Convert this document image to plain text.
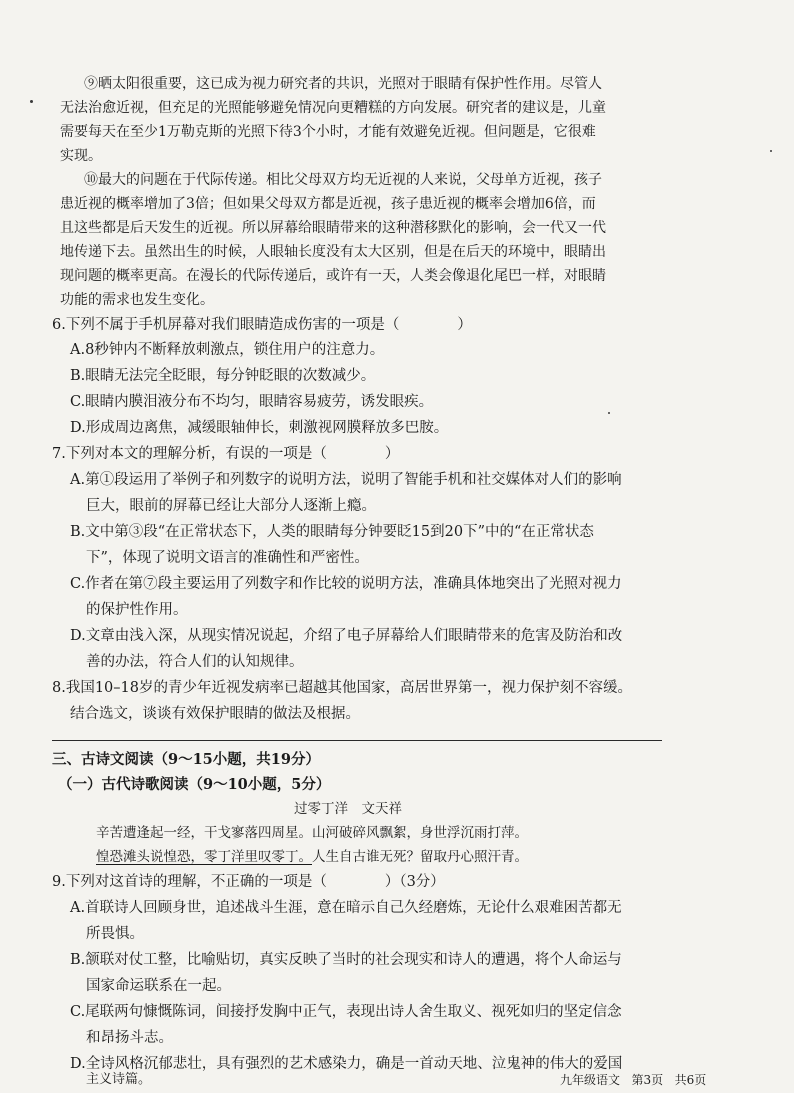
⑨晒太阳很重要，这已成为视力研究者的共识，光照对于眼睛有保护性作用。尽管人

无法治愈近视，但充足的光照能够避免情况向更糟糕的方向发展。研究者的建议是，儿童

需要每天在至少1万勒克斯的光照下待3个小时，才能有效避免近视。但问题是，它很难

实现。

⑩最大的问题在于代际传递。相比父母双方均无近视的人来说，父母单方近视，孩子

患近视的概率增加了3倍；但如果父母双方都是近视，孩子患近视的概率会增加6倍，而

且这些都是后天发生的近视。所以屏幕给眼睛带来的这种潜移默化的影响，会一代又一代

地传递下去。虽然出生的时候，人眼轴长度没有太大区别，但是在后天的环境中，眼睛出

现问题的概率更高。在漫长的代际传递后，或许有一天，人类会像退化尾巴一样，对眼睛

功能的需求也发生变化。

6.下列不属于手机屏幕对我们眼睛造成伤害的一项是（　　　　）

A.8秒钟内不断释放刺激点，锁住用户的注意力。

B.眼睛无法完全眨眼，每分钟眨眼的次数减少。

C.眼睛内膜泪液分布不均匀，眼睛容易疲劳，诱发眼疾。

D.形成周边离焦，减缓眼轴伸长，刺激视网膜释放多巴胺。

7.下列对本文的理解分析，有误的一项是（　　　　）

A.第①段运用了举例子和列数字的说明方法，说明了智能手机和社交媒体对人们的影响

巨大，眼前的屏幕已经让大部分人逐渐上瘾。

B.文中第③段“在正常状态下，人类的眼睛每分钟要眨15到20下”中的“在正常状态

下”，体现了说明文语言的准确性和严密性。

C.作者在第⑦段主要运用了列数字和作比较的说明方法，准确具体地突出了光照对视力

的保护性作用。

D.文章由浅入深，从现实情况说起，介绍了电子屏幕给人们眼睛带来的危害及防治和改

善的办法，符合人们的认知规律。

8.我国10–18岁的青少年近视发病率已超越其他国家，高居世界第一，视力保护刻不容缓。

结合选文，谈谈有效保护眼睛的做法及根据。

三、古诗文阅读（9～15小题，共19分）

（一）古代诗歌阅读（9～10小题，5分）

过零丁洋　文天祥

辛苦遭逢起一经，干戈寥落四周星。山河破碎风飘絮，身世浮沉雨打萍。

惶恐滩头说惶恐，零丁洋里叹零丁。人生自古谁无死？留取丹心照汗青。

9.下列对这首诗的理解，不正确的一项是（　　　　）（3分）

A.首联诗人回顾身世，追述战斗生涯，意在暗示自己久经磨炼，无论什么艰难困苦都无

所畏惧。

B.颔联对仗工整，比喻贴切，真实反映了当时的社会现实和诗人的遭遇，将个人命运与

国家命运联系在一起。

C.尾联两句慷慨陈词，间接抒发胸中正气，表现出诗人舍生取义、视死如归的坚定信念

和昂扬斗志。

D.全诗风格沉郁悲壮，具有强烈的艺术感染力，确是一首动天地、泣鬼神的伟大的爱国

主义诗篇。	九年级语文 第3页 共6页
